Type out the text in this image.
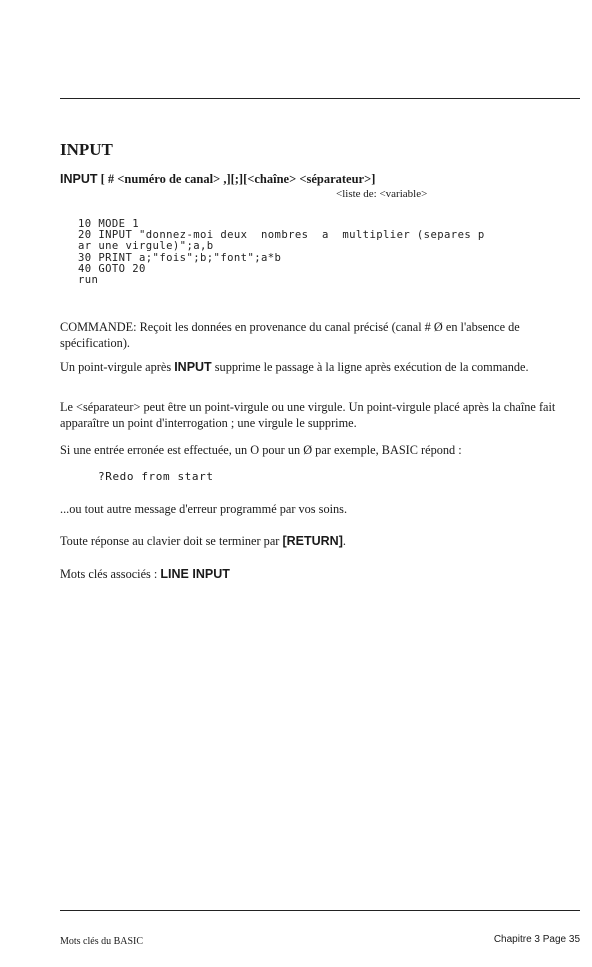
INPUT
INPUT [ # <numéro de canal> ,][;][<chaîne> <séparateur>]
<liste de: <variable>
10 MODE 1
20 INPUT "donnez-moi deux  nombres  a  multiplier (separes p
ar une virgule)";a,b
30 PRINT a;"fois";b;"font";a*b
40 GOTO 20
run

COMMANDE: Reçoit les données en provenance du canal précisé (canal # Ø en l'absence de spécification).

Un point-virgule après INPUT supprime le passage à la ligne après exécution de la commande.

Le <séparateur> peut être un point-virgule ou une virgule. Un point-virgule placé après la chaîne fait apparaître un point d'interrogation ; une virgule le supprime.

Si une entrée erronée est effectuée, un O pour un Ø par exemple, BASIC répond :

?Redo from start

...ou tout autre message d'erreur programmé par vos soins.

Toute réponse au clavier doit se terminer par [RETURN].

Mots clés associés : LINE INPUT

Mots clés du BASIC	Chapitre 3 Page 35
